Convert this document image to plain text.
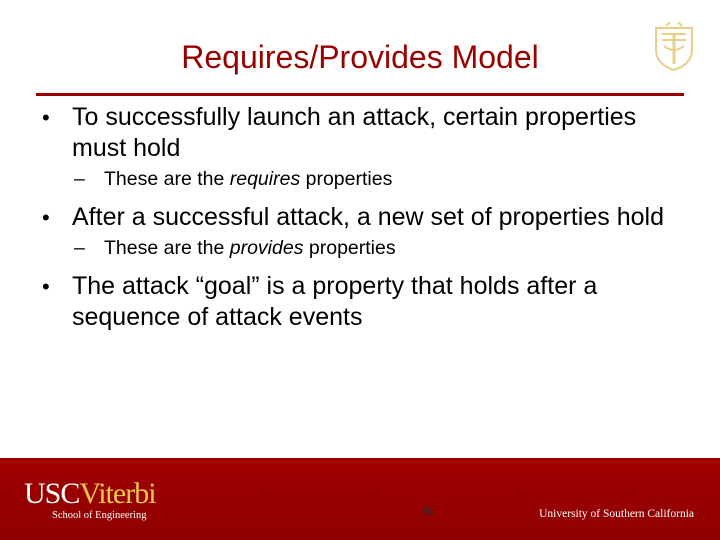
Requires/Provides Model
• To successfully launch an attack, certain properties must hold
– These are the requires properties
• After a successful attack, a new set of properties hold
– These are the provides properties
• The attack “goal” is a property that holds after a sequence of attack events
USCViterbi
School of Engineering	60	University of Southern California
